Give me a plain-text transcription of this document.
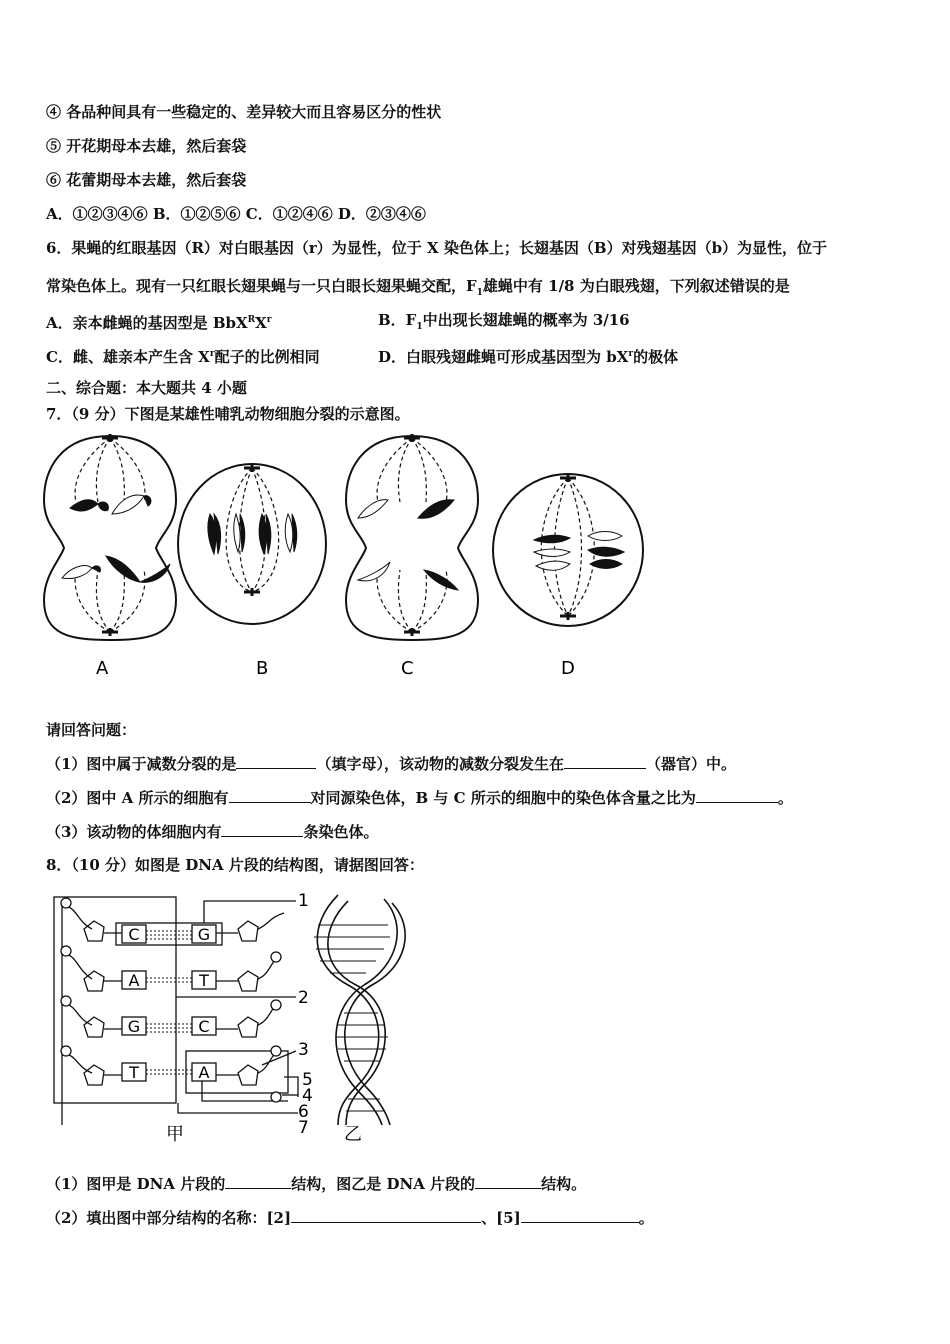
④ 各品种间具有一些稳定的、差异较大而且容易区分的性状
⑤ 开花期母本去雄，然后套袋
⑥ 花蕾期母本去雄，然后套袋
A．①②③④⑥ B．①②⑤⑥ C．①②④⑥ D．②③④⑥
6．果蝇的红眼基因（R）对白眼基因（r）为显性，位于 X 染色体上；长翅基因（B）对残翅基因（b）为显性，位于
常染色体上。现有一只红眼长翅果蝇与一只白眼长翅果蝇交配，$F_1$雄蝇中有 1/8 为白眼残翅，下列叙述错误的是
A．亲本雌蝇的基因型是 $BbX^RX^r$	B．$F_1$中出现长翅雄蝇的概率为 3/16
C．雌、雄亲本产生含 $X^r$配子的比例相同	D．白眼残翅雌蝇可形成基因型为 $bX^r$的极体
二、综合题：本大题共 4 小题
7．（9 分）下图是某雄性哺乳动物细胞分裂的示意图。
A	B	C	D
请回答问题：
（1）图中属于减数分裂的是	（填字母），该动物的减数分裂发生在	（器官）中。
（2）图中 A 所示的细胞有	对同源染色体，B 与 C 所示的细胞中的染色体含量之比为	。
（3）该动物的体细胞内有	条染色体。
8．（10 分）如图是 DNA 片段的结构图，请据图回答：
C	G
A	T
G	C
T	A
1
2
3
5
4
6
7
甲	乙
（1）图甲是 DNA 片段的	结构，图乙是 DNA 片段的	结构。
（2）填出图中部分结构的名称：[2]	、[5]	。
